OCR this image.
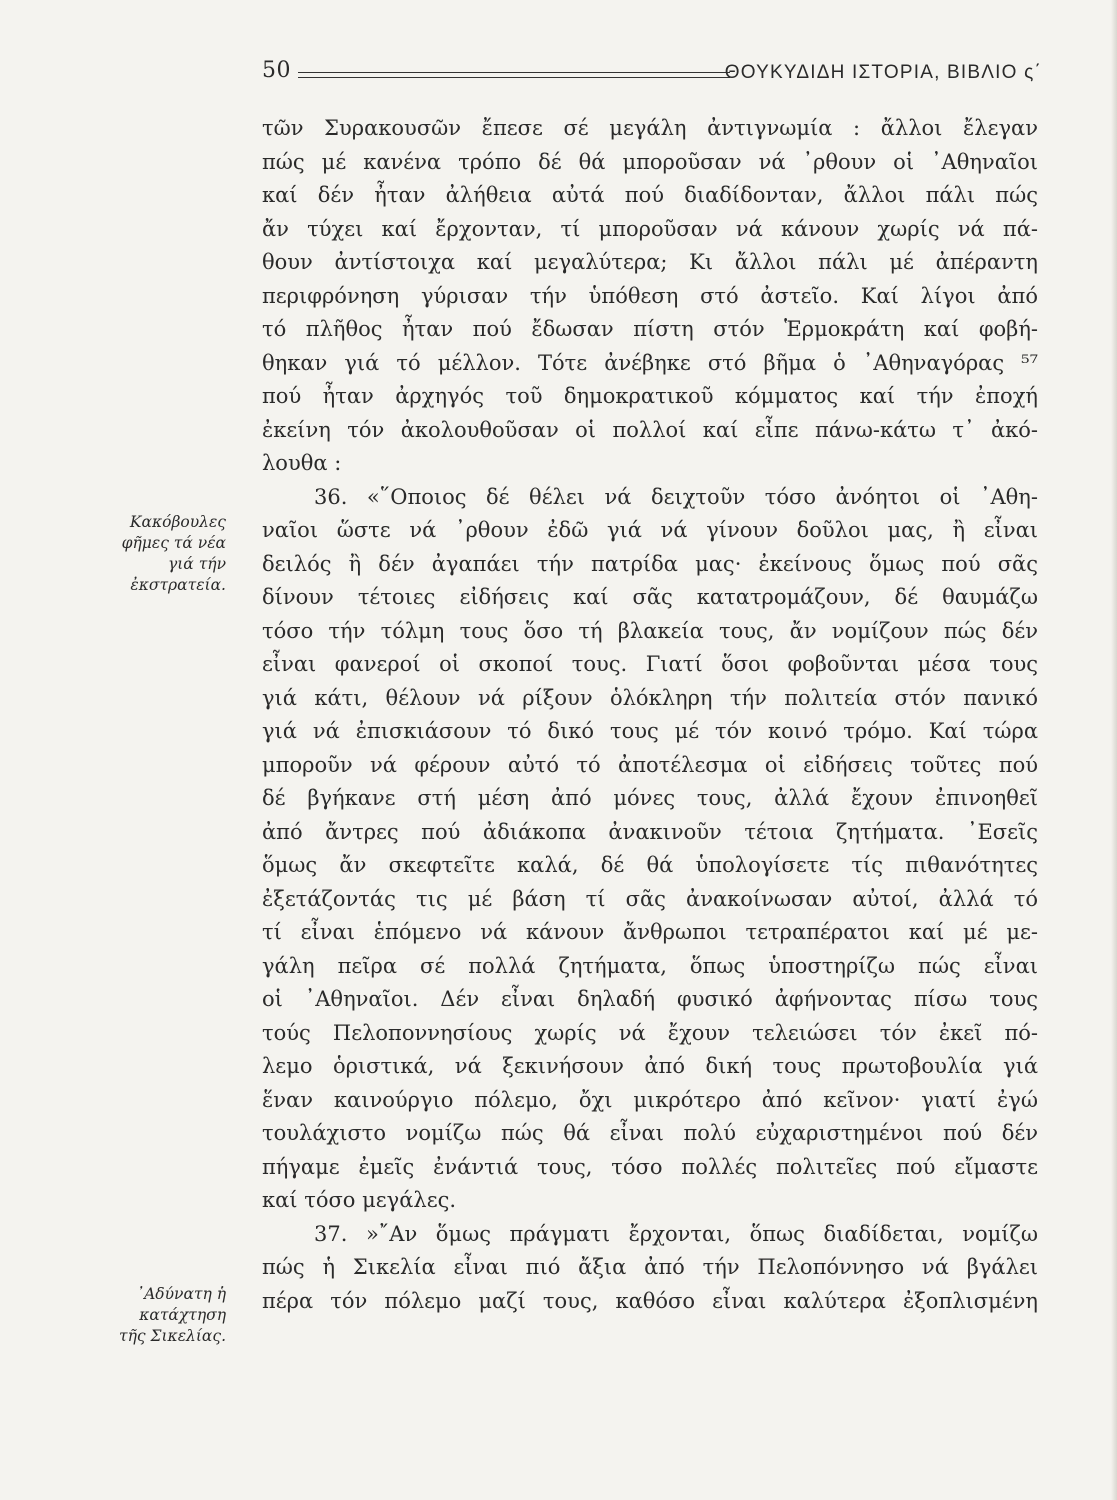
50	ΘΟΥΚΥΔΙΔΗ ΙΣΤΟΡΙΑ, ΒΙΒΛΙΟ ς΄
Κακόβουλες
φῆμες τά νέα
γιά τήν
ἐκστρατεία.
᾿Αδύνατη ἡ
κατάχτηση
τῆς Σικελίας.
τῶν Συρακουσῶν ἔπεσε σέ μεγάλη ἀντιγνωμία : ἄλλοι ἔλεγαν
πώς μέ κανένα τρόπο δέ θά μποροῦσαν νά ᾿ρθουν οἱ ᾿Αθηναῖοι
καί δέν ἦταν ἀλήθεια αὐτά πού διαδίδονταν, ἄλλοι πάλι πώς
ἄν τύχει καί ἔρχονταν, τί μποροῦσαν νά κάνουν χωρίς νά πά-
θουν ἀντίστοιχα καί μεγαλύτερα; Κι ἄλλοι πάλι μέ ἀπέραντη
περιφρόνηση γύρισαν τήν ὑπόθεση στό ἀστεῖο. Καί λίγοι ἀπό
τό πλῆθος ἦταν πού ἔδωσαν πίστη στόν Ἑρμοκράτη καί φοβή-
θηκαν γιά τό μέλλον. Τότε ἀνέβηκε στό βῆμα ὁ ᾿Αθηναγόρας ⁵⁷
πού ἦταν ἀρχηγός τοῦ δημοκρατικοῦ κόμματος καί τήν ἐποχή
ἐκείνη τόν ἀκολουθοῦσαν οἱ πολλοί καί εἶπε πάνω-κάτω τ᾿ ἀκό-
λουθα :
36. «῞Οποιος δέ θέλει νά δειχτοῦν τόσο ἀνόητοι οἱ ᾿Αθη-
ναῖοι ὥστε νά ᾿ρθουν ἐδῶ γιά νά γίνουν δοῦλοι μας, ἢ εἶναι
δειλός ἢ δέν ἀγαπάει τήν πατρίδα μας· ἐκείνους ὅμως πού σᾶς
δίνουν τέτοιες εἰδήσεις καί σᾶς κατατρομάζουν, δέ θαυμάζω
τόσο τήν τόλμη τους ὅσο τή βλακεία τους, ἄν νομίζουν πώς δέν
εἶναι φανεροί οἱ σκοποί τους. Γιατί ὅσοι φοβοῦνται μέσα τους
γιά κάτι, θέλουν νά ρίξουν ὁλόκληρη τήν πολιτεία στόν πανικό
γιά νά ἐπισκιάσουν τό δικό τους μέ τόν κοινό τρόμο. Καί τώρα
μποροῦν νά φέρουν αὐτό τό ἀποτέλεσμα οἱ εἰδήσεις τοῦτες πού
δέ βγήκανε στή μέση ἀπό μόνες τους, ἀλλά ἔχουν ἐπινοηθεῖ
ἀπό ἄντρες πού ἀδιάκοπα ἀνακινοῦν τέτοια ζητήματα. ᾿Εσεῖς
ὅμως ἄν σκεφτεῖτε καλά, δέ θά ὑπολογίσετε τίς πιθανότητες
ἐξετάζοντάς τις μέ βάση τί σᾶς ἀνακοίνωσαν αὐτοί, ἀλλά τό
τί εἶναι ἑπόμενο νά κάνουν ἄνθρωποι τετραπέρατοι καί μέ με-
γάλη πεῖρα σέ πολλά ζητήματα, ὅπως ὑποστηρίζω πώς εἶναι
οἱ ᾿Αθηναῖοι. Δέν εἶναι δηλαδή φυσικό ἀφήνοντας πίσω τους
τούς Πελοποννησίους χωρίς νά ἔχουν τελειώσει τόν ἐκεῖ πό-
λεμο ὁριστικά, νά ξεκινήσουν ἀπό δική τους πρωτοβουλία γιά
ἕναν καινούργιο πόλεμο, ὄχι μικρότερο ἀπό κεῖνον· γιατί ἐγώ
τουλάχιστο νομίζω πώς θά εἶναι πολύ εὐχαριστημένοι πού δέν
πήγαμε ἐμεῖς ἐνάντιά τους, τόσο πολλές πολιτεῖες πού εἴμαστε
καί τόσο μεγάλες.
37. »῎Αν ὅμως πράγματι ἔρχονται, ὅπως διαδίδεται, νομίζω
πώς ἡ Σικελία εἶναι πιό ἄξια ἀπό τήν Πελοπόννησο νά βγάλει
πέρα τόν πόλεμο μαζί τους, καθόσο εἶναι καλύτερα ἐξοπλισμένη
